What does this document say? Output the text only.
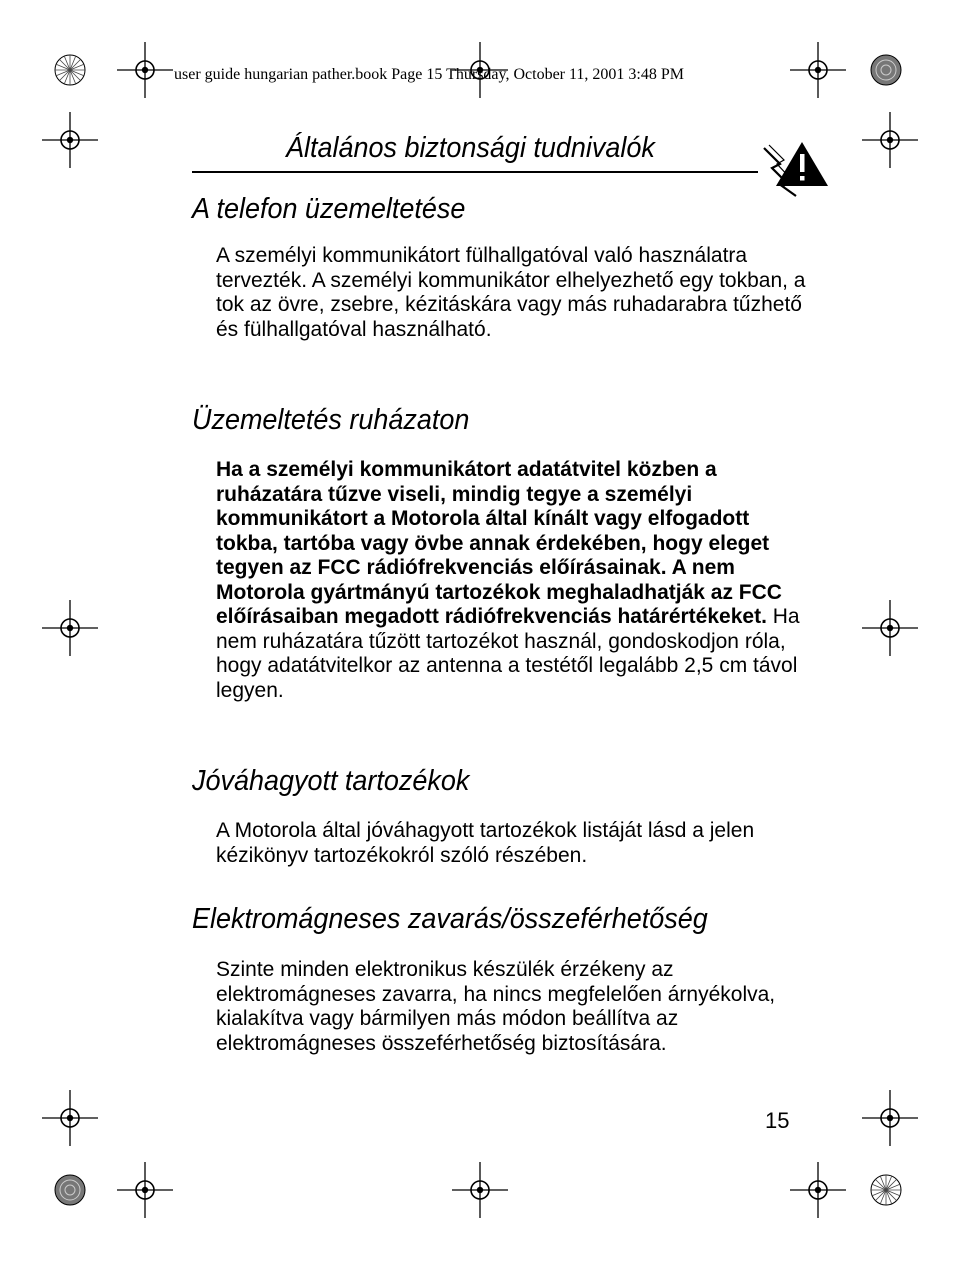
user guide hungarian pather.book Page 15 Thursday, October 11, 2001 3:48 PM
Általános biztonsági tudnivalók
A telefon üzemeltetése

A személyi kommunikátort fülhallgatóval való használatra tervezték. A személyi kommunikátor elhelyezhető egy tokban, a tok az övre, zsebre, kézitáskára vagy más ruhadarabra tűzhető és fülhallgatóval használható.

Üzemeltetés ruházaton

Ha a személyi kommunikátort adatátvitel közben a ruházatára tűzve viseli, mindig tegye a személyi kommunikátort a Motorola által kínált vagy elfogadott tokba, tartóba vagy övbe annak érdekében, hogy eleget tegyen az FCC rádiófrekvenciás előírásainak. A nem Motorola gyártmányú tartozékok meghaladhatják az FCC előírásaiban megadott rádiófrekvenciás határértékeket. Ha nem ruházatára tűzött tartozékot használ, gondoskodjon róla, hogy adatátvitelkor az antenna a testétől legalább 2,5 cm távol legyen.

Jóváhagyott tartozékok

A Motorola által jóváhagyott tartozékok listáját lásd a jelen kézikönyv tartozékokról szóló részében.

Elektromágneses zavarás/összeférhetőség

Szinte minden elektronikus készülék érzékeny az elektromágneses zavarra, ha nincs megfelelően árnyékolva, kialakítva vagy bármilyen más módon beállítva az elektromágneses összeférhetőség biztosítására.

15
